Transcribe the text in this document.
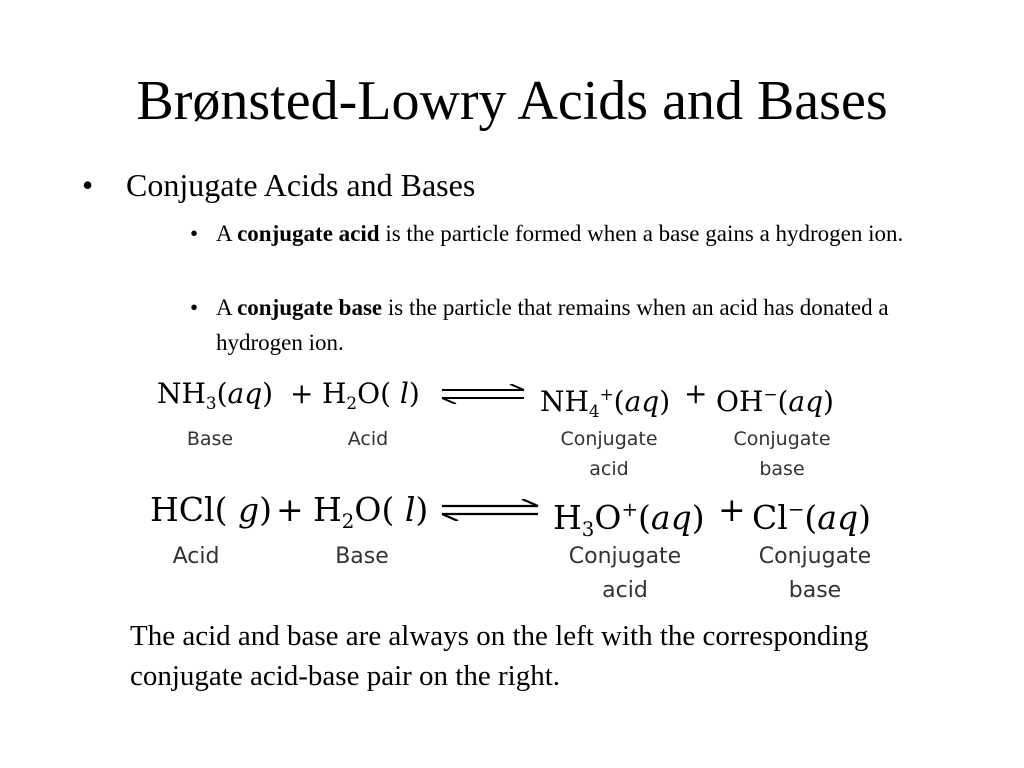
Brønsted-Lowry Acids and Bases
• Conjugate Acids and Bases
• A conjugate acid is the particle formed when a base gains a hydrogen ion.
• A conjugate base is the particle that remains when an acid has donated a hydrogen ion.
$NH_3(aq) + H_2O$( l) ⇌ $NH_4^+(aq) + OH^-(aq)$
Base	Acid	Conjugate acid
Conjugate base
HCl( $g) + H_2O$( l) ⇌ $H_3O^+(aq) + Cl^-(aq)$
Acid	Base	Conjugate acid
Conjugate base
The acid and base are always on the left with the corresponding conjugate acid-base pair on the right.
